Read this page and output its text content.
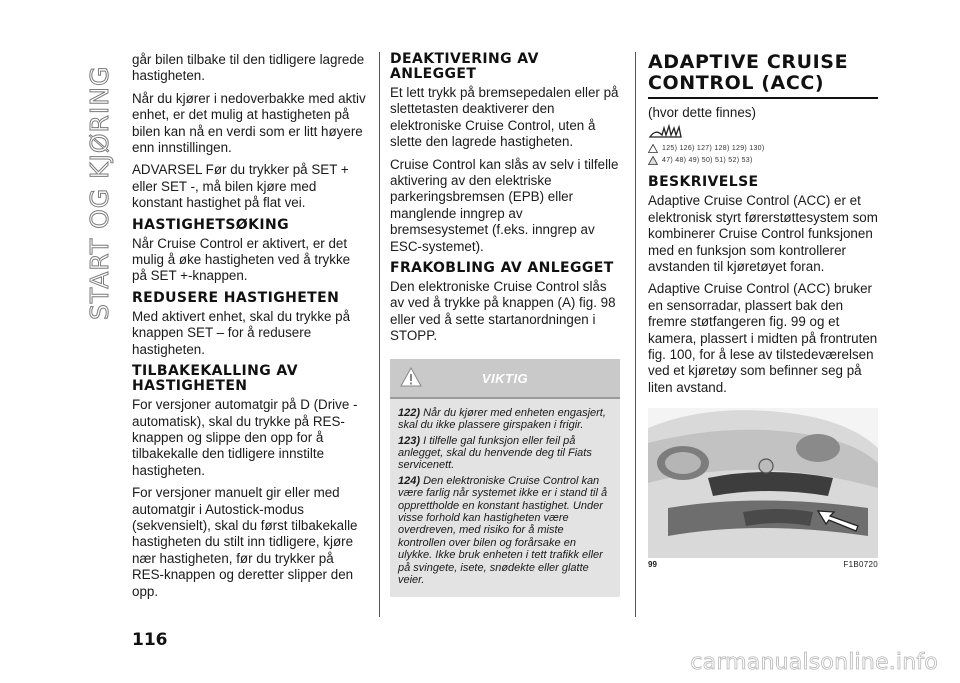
START OG KJØRING

går bilen tilbake til den tidligere lagrede hastigheten.

Når du kjører i nedoverbakke med aktiv enhet, er det mulig at hastigheten på bilen kan nå en verdi som er litt høyere enn innstillingen.

ADVARSEL Før du trykker på SET + eller SET -, må bilen kjøre med konstant hastighet på flat vei.

HASTIGHETSØKING

Når Cruise Control er aktivert, er det mulig å øke hastigheten ved å trykke på SET +-knappen.

REDUSERE HASTIGHETEN

Med aktivert enhet, skal du trykke på knappen SET – for å redusere hastigheten.

TILBAKEKALLING AV HASTIGHETEN

For versjoner automatgir på D (Drive - automatisk), skal du trykke på RES-knappen og slippe den opp for å tilbakekalle den tidligere innstilte hastigheten.

For versjoner manuelt gir eller med automatgir i Autostick-modus (sekvensielt), skal du først tilbakekalle hastigheten du stilt inn tidligere, kjøre nær hastigheten, før du trykker på RES-knappen og deretter slipper den opp.

DEAKTIVERING AV ANLEGGET

Et lett trykk på bremsepedalen eller på slettetasten deaktiverer den elektroniske Cruise Control, uten å slette den lagrede hastigheten.

Cruise Control kan slås av selv i tilfelle aktivering av den elektriske parkeringsbremsen (EPB) eller manglende inngrep av bremsesystemet (f.eks. inngrep av ESC-systemet).

FRAKOBLING AV ANLEGGET

Den elektroniske Cruise Control slås av ved å trykke på knappen (A) fig. 98 eller ved å sette startanordningen i STOPP.

VIKTIG

122) Når du kjører med enheten engasjert, skal du ikke plassere girspaken i frigir.

123) I tilfelle gal funksjon eller feil på anlegget, skal du henvende deg til Fiats servicenett.

124) Den elektroniske Cruise Control kan være farlig når systemet ikke er i stand til å opprettholde en konstant hastighet. Under visse forhold kan hastigheten være overdreven, med risiko for å miste kontrollen over bilen og forårsake en ulykke. Ikke bruk enheten i tett trafikk eller på svingete, isete, snødekte eller glatte veier.

ADAPTIVE CRUISE CONTROL (ACC)

(hvor dette finnes)

125) 126) 127) 128) 129) 130)
47) 48) 49) 50) 51) 52) 53)
BESKRIVELSE

Adaptive Cruise Control (ACC) er et elektronisk styrt førerstøttesystem som kombinerer Cruise Control funksjonen med en funksjon som kontrollerer avstanden til kjøretøyet foran.

Adaptive Cruise Control (ACC) bruker en sensorradar, plassert bak den fremre støtfangeren fig. 99 og et kamera, plassert i midten på frontruten fig. 100, for å lese av tilstedeværelsen ved et kjøretøy som befinner seg på liten avstand.

99	F1B0720
116
carmanualsonline.info
